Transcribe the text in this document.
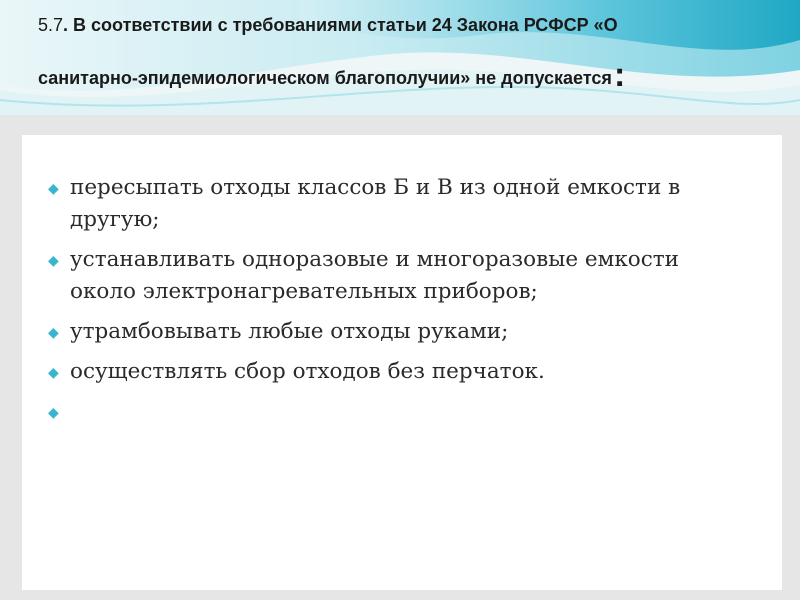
5.7. В соответствии с требованиями статьи 24 Закона РСФСР «О
санитарно-эпидемиологическом благополучии» не допускается:
◆ пересыпать отходы классов Б и В из одной емкости в другую;
◆ устанавливать одноразовые и многоразовые емкости около электронагревательных приборов;
◆ утрамбовывать любые отходы руками;
◆ осуществлять сбор отходов без перчаток.
◆
